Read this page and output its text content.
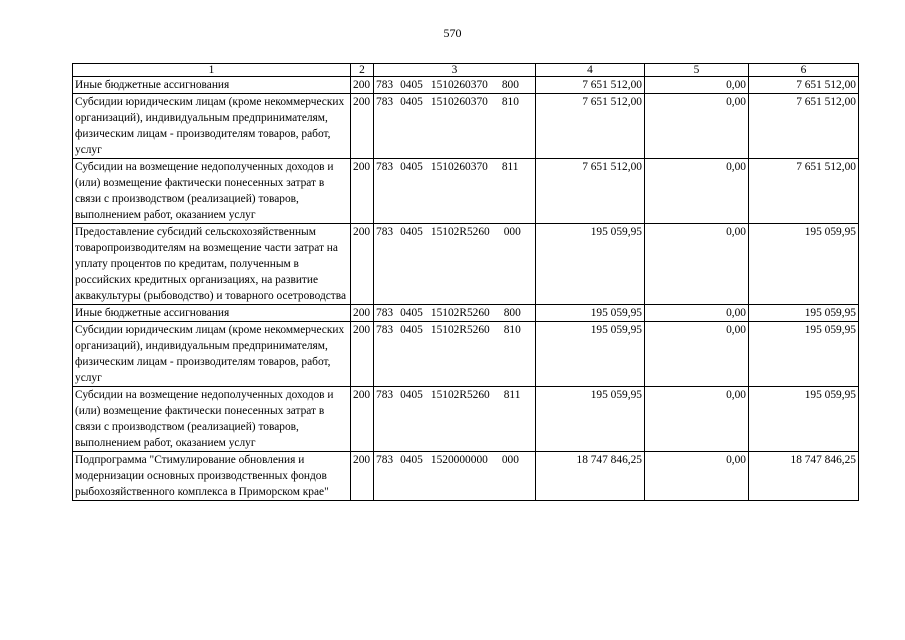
570
1	2	3	4	5	6
Иные бюджетные ассигнования	200	783 0405 1510260370 800	7 651 512,00	0,00	7 651 512,00
Субсидии юридическим лицам (кроме некоммерческих организаций), индивидуальным предпринимателям, физическим лицам - производителям товаров, работ, услуг	200	783 0405 1510260370 810	7 651 512,00	0,00	7 651 512,00
Субсидии на возмещение недополученных доходов и (или) возмещение фактически понесенных затрат в связи с производством (реализацией) товаров, выполнением работ, оказанием услуг	200	783 0405 1510260370 811	7 651 512,00	0,00	7 651 512,00
Предоставление субсидий сельскохозяйственным товаропроизводителям на возмещение части затрат на уплату процентов по кредитам, полученным в российских кредитных организациях, на развитие аквакультуры (рыбоводство) и товарного осетроводства	200	783 0405 15102R5260 000	195 059,95	0,00	195 059,95
Иные бюджетные ассигнования	200	783 0405 15102R5260 800	195 059,95	0,00	195 059,95
Субсидии юридическим лицам (кроме некоммерческих организаций), индивидуальным предпринимателям, физическим лицам - производителям товаров, работ, услуг	200	783 0405 15102R5260 810	195 059,95	0,00	195 059,95
Субсидии на возмещение недополученных доходов и (или) возмещение фактически понесенных затрат в связи с производством (реализацией) товаров, выполнением работ, оказанием услуг	200	783 0405 15102R5260 811	195 059,95	0,00	195 059,95
Подпрограмма "Стимулирование обновления и модернизации основных производственных фондов рыбохозяйственного комплекса в Приморском крае"	200	783 0405 1520000000 000	18 747 846,25	0,00	18 747 846,25
